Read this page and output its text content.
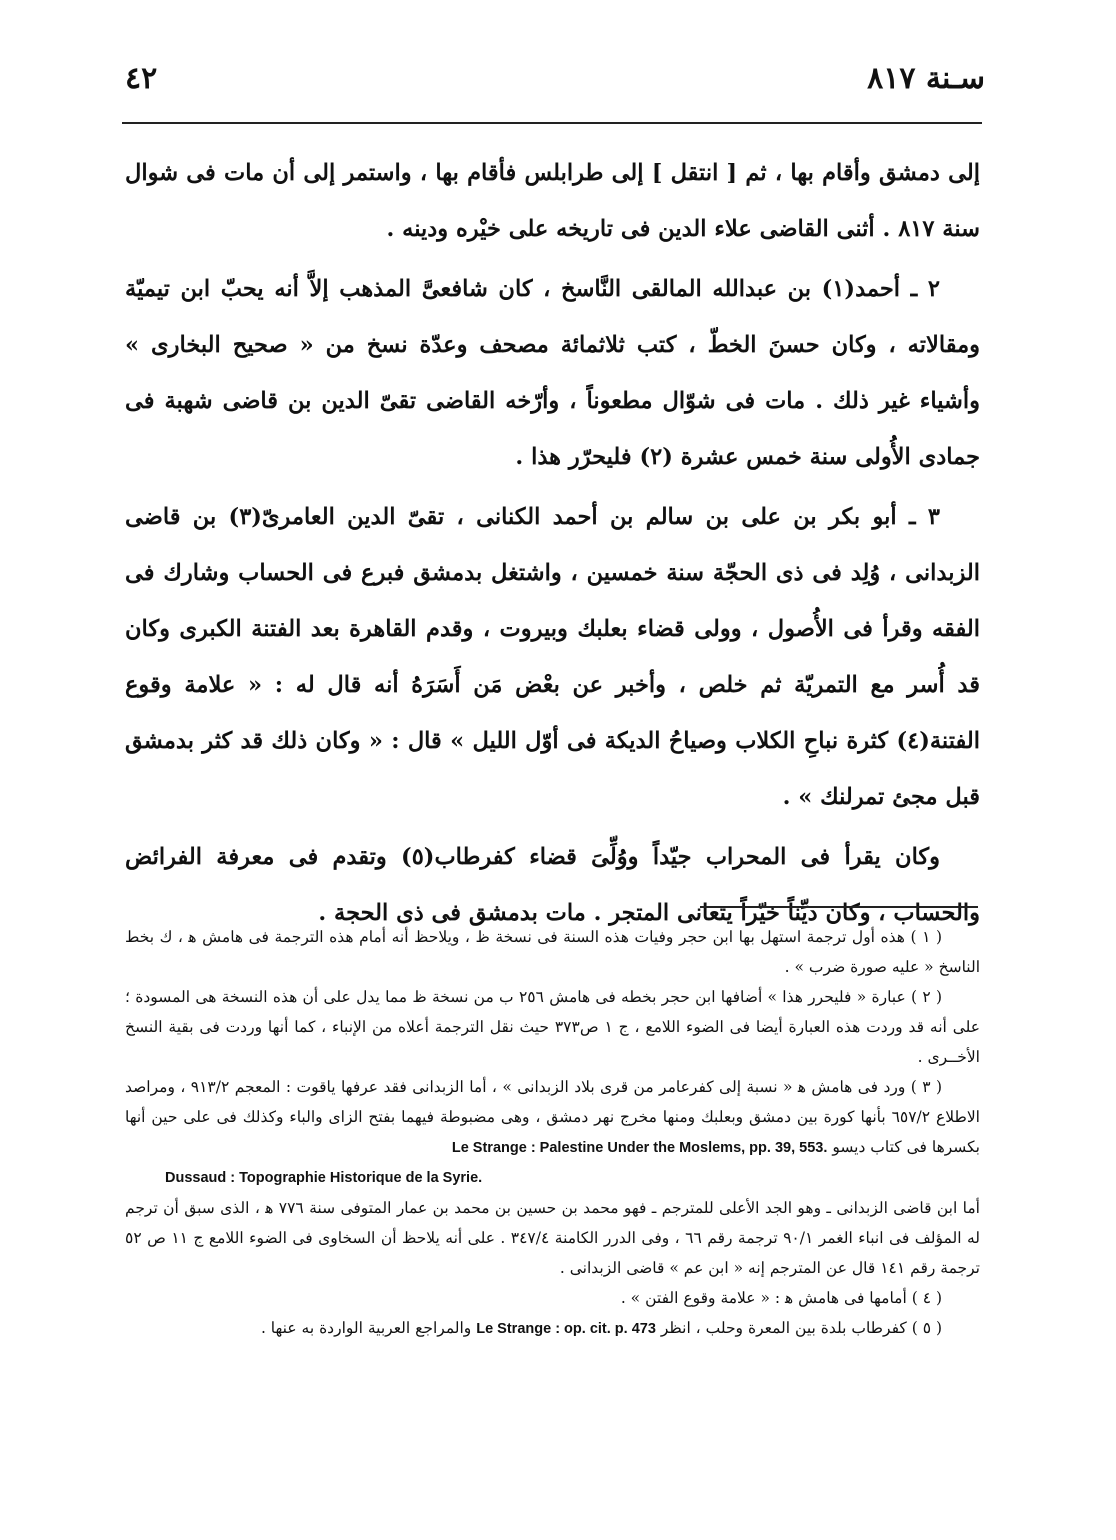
٤٢	سـنة ٨١٧

إلى دمشق وأقام بها ، ثم [ انتقل ] إلى طرابلس فأقام بها ، واستمر إلى أن مات فى شوال سنة ٨١٧ . أثنى القاضى علاء الدين فى تاريخه على خيْره ودينه .

٢ ـ أحمد(١) بن عبدالله المالقى النَّاسخ ، كان شافعىَّ المذهب إلاَّ أنه يحبّ ابن تيميّة ومقالاته ، وكان حسنَ الخطّ ، كتب ثلاثمائة مصحف وعدّة نسخ من « صحيح البخارى » وأشياء غير ذلك . مات فى شوّال مطعوناً ، وأرّخه القاضى تقىّ الدين بن قاضى شهبة فى جمادى الأُولى سنة خمس عشرة (٢) فليحرّر هذا .

٣ ـ أبو بكر بن على بن سالم بن أحمد الكنانى ، تقىّ الدين العامرىّ(٣) بن قاضى الزبدانى ، وُلِد فى ذى الحجّة سنة خمسين ، واشتغل بدمشق فبرع فى الحساب وشارك فى الفقه وقرأ فى الأُصول ، وولى قضاء بعلبك وبيروت ، وقدم القاهرة بعد الفتنة الكبرى وكان قد أُسر مع التمريّة ثم خلص ، وأخبر عن بعْض مَن أَسَرَهُ أنه قال له : « علامة وقوع الفتنة(٤) كثرة نباحِ الكلاب وصياحُ الديكة فى أوّل الليل » قال : « وكان ذلك قد كثر بدمشق قبل مجئ تمرلنك » .

وكان يقرأ فى المحراب جيّداً ووُلِّىَ قضاء كفرطاب(٥) وتقدم فى معرفة الفرائض والحساب ، وكان ديِّناً خيّراً يتعانى المتجر . مات بدمشق فى ذى الحجة .

( ١ ) هذه أول ترجمة استهل بها ابن حجر وفيات هذه السنة فى نسخة ظ ، ويلاحظ أنه أمام هذه الترجمة فى هامش ﻫ ، ك بخط الناسخ « عليه صورة ضرب » .

( ٢ ) عبارة « فليحرر هذا » أضافها ابن حجر بخطه فى هامش ٢٥٦ ب من نسخة ظ مما يدل على أن هذه النسخة هى المسودة ؛ على أنه قد وردت هذه العبارة أيضا فى الضوء اللامع ، ج ١ ص٣٧٣ حيث نقل الترجمة أعلاه من الإنباء ، كما أنها وردت فى بقية النسخ الأخــرى .

( ٣ ) ورد فى هامش ﻫ « نسبة إلى كفرعامر من قرى بلاد الزبدانى » ، أما الزبدانى فقد عرفها ياقوت : المعجم ٩١٣/٢ ، ومراصد الاطلاع ٦٥٧/٢ بأنها كورة بين دمشق وبعلبك ومنها مخرج نهر دمشق ، وهى مضبوطة فيهما بفتح الزاى والباء وكذلك فى على حين أنها بكسرها فى كتاب ديسو Le Strange : Palestine Under the Moslems, pp. 39, 553.

Dussaud : Topographie Historique de la Syrie.

أما ابن قاضى الزبدانى ـ وهو الجد الأعلى للمترجم ـ فهو محمد بن حسين بن محمد بن عمار المتوفى سنة ٧٧٦ ﻫ ، الذى سبق أن ترجم له المؤلف فى انباء الغمر ٩٠/١ ترجمة رقم ٦٦ ، وفى الدرر الكامنة ٣٤٧/٤ . على أنه يلاحظ أن السخاوى فى الضوء اللامع ج ١١ ص ٥٢ ترجمة رقم ١٤١ قال عن المترجم إنه « ابن عم » قاضى الزبدانى .

( ٤ ) أمامها فى هامش ﻫ : « علامة وقوع الفتن » .

( ٥ ) كفرطاب بلدة بين المعرة وحلب ، انظر Le Strange : op. cit. p. 473 والمراجع العربية الواردة به عنها .
